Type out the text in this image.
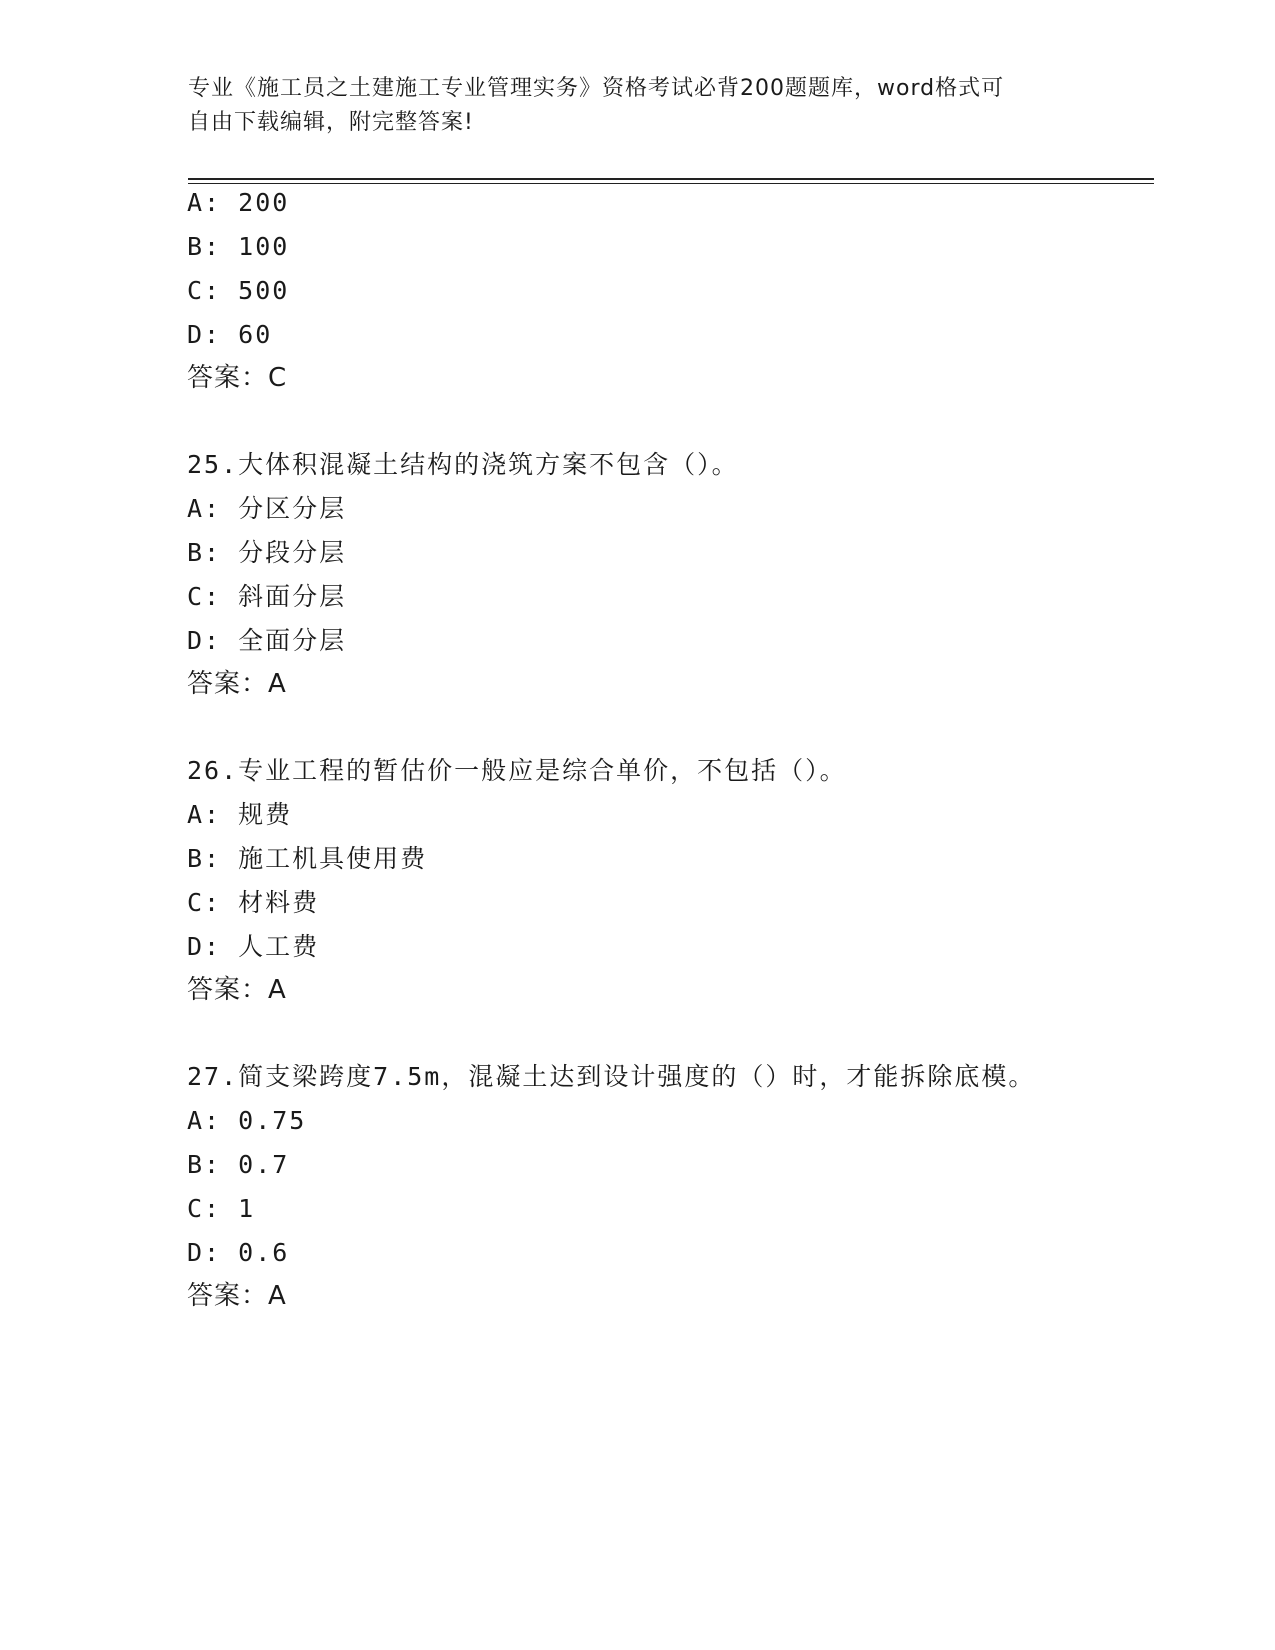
专业《施工员之土建施工专业管理实务》资格考试必背200题题库，word格式可

自由下载编辑，附完整答案!

A: 200
B: 100
C: 500
D: 60
答案：C
25.大体积混凝土结构的浇筑方案不包含（）。
A: 分区分层
B: 分段分层
C: 斜面分层
D: 全面分层
答案：A
26.专业工程的暂估价一般应是综合单价，不包括（）。
A: 规费
B: 施工机具使用费
C: 材料费
D: 人工费
答案：A
27.简支梁跨度7.5m，混凝土达到设计强度的（）时，才能拆除底模。
A: 0.75
B: 0.7
C: 1
D: 0.6
答案：A
